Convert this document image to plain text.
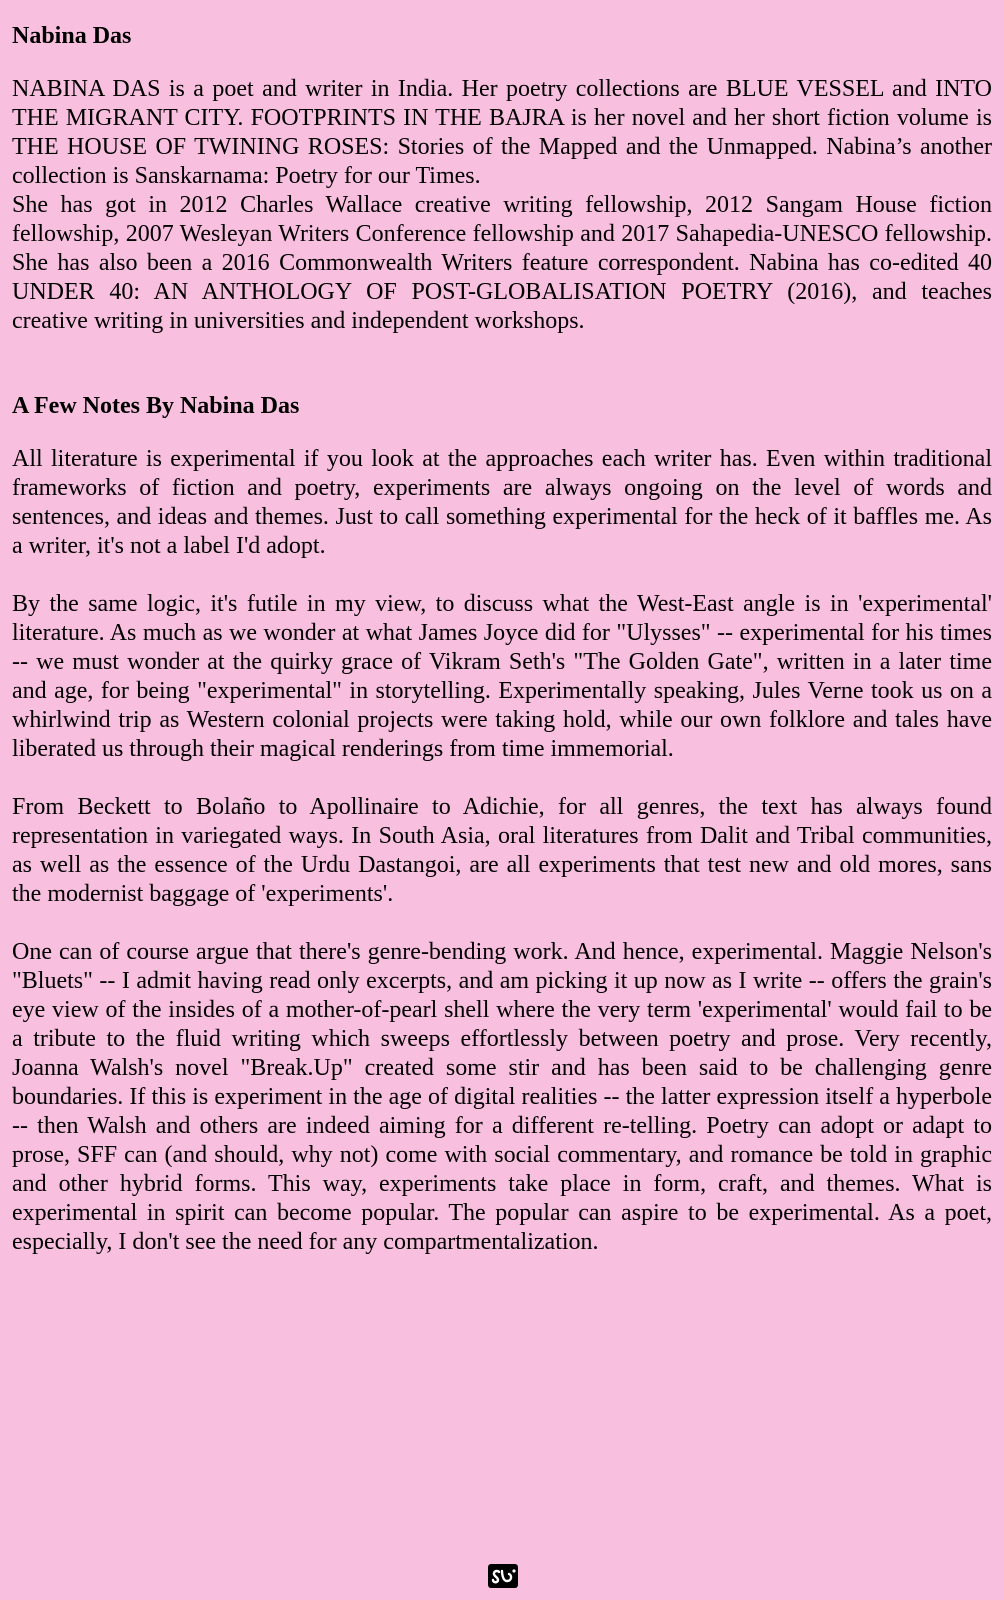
Nabina Das

NABINA DAS is a poet and writer in India. Her poetry collections are BLUE VESSEL and INTO THE MIGRANT CITY. FOOTPRINTS IN THE BAJRA is her novel and her short fiction volume is THE HOUSE OF TWINING ROSES: Stories of the Mapped and the Unmapped. Nabina’s another collection is Sanskarnama: Poetry for our Times.

She has got in 2012 Charles Wallace creative writing fellowship, 2012 Sangam House fiction fellowship, 2007 Wesleyan Writers Conference fellowship and 2017 Sahapedia-UNESCO fellowship. She has also been a 2016 Commonwealth Writers feature correspondent. Nabina has co-edited 40 UNDER 40: AN ANTHOLOGY OF POST-GLOBALISATION POETRY (2016), and teaches creative writing in universities and independent workshops.

A Few Notes By Nabina Das

All literature is experimental if you look at the approaches each writer has. Even within traditional frameworks of fiction and poetry, experiments are always ongoing on the level of words and sentences, and ideas and themes. Just to call something experimental for the heck of it baffles me. As a writer, it's not a label I'd adopt.

By the same logic, it's futile in my view, to discuss what the West-East angle is in 'experimental' literature. As much as we wonder at what James Joyce did for "Ulysses" -- experimental for his times -- we must wonder at the quirky grace of Vikram Seth's "The Golden Gate", written in a later time and age, for being "experimental" in storytelling. Experimentally speaking, Jules Verne took us on a whirlwind trip as Western colonial projects were taking hold, while our own folklore and tales have liberated us through their magical renderings from time immemorial.

From Beckett to Bolaño to Apollinaire to Adichie, for all genres, the text has always found representation in variegated ways. In South Asia, oral literatures from Dalit and Tribal communities, as well as the essence of the Urdu Dastangoi, are all experiments that test new and old mores, sans the modernist baggage of 'experiments'.

One can of course argue that there's genre-bending work. And hence, experimental. Maggie Nelson's "Bluets" -- I admit having read only excerpts, and am picking it up now as I write -- offers the grain's eye view of the insides of a mother-of-pearl shell where the very term 'experimental' would fail to be a tribute to the fluid writing which sweeps effortlessly between poetry and prose. Very recently, Joanna Walsh's novel "Break.Up" created some stir and has been said to be challenging genre boundaries. If this is experiment in the age of digital realities -- the latter expression itself a hyperbole -- then Walsh and others are indeed aiming for a different re-telling. Poetry can adopt or adapt to prose, SFF can (and should, why not) come with social commentary, and romance be told in graphic and other hybrid forms. This way, experiments take place in form, craft, and themes. What is experimental in spirit can become popular. The popular can aspire to be experimental. As a poet, especially, I don't see the need for any compartmentalization.
